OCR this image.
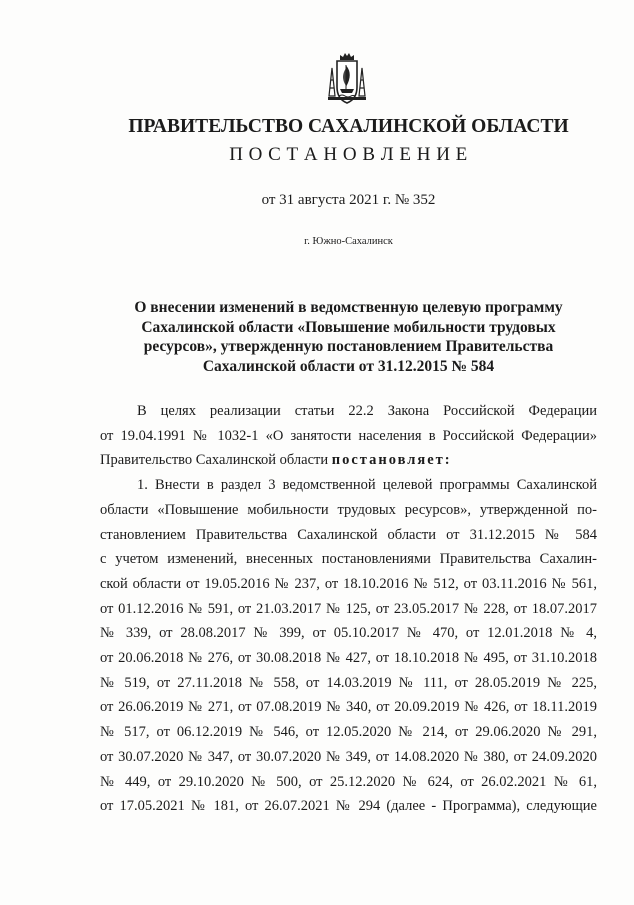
ПРАВИТЕЛЬСТВО САХАЛИНСКОЙ ОБЛАСТИ
П О С Т А Н О В Л Е Н И Е
от 31 августа 2021 г. № 352
г. Южно-Сахалинск
О внесении изменений в ведомственную целевую программу
Сахалинской области «Повышение мобильности трудовых
ресурсов», утвержденную постановлением Правительства
Сахалинской области от 31.12.2015 № 584
В целях реализации статьи 22.2 Закона Российской Федерации
от 19.04.1991 № 1032-1 «О занятости населения в Российской Федерации»
Правительство Сахалинской области постановляет:
1. Внести в раздел 3 ведомственной целевой программы Сахалинской
области «Повышение мобильности трудовых ресурсов», утвержденной по-
становлением Правительства Сахалинской области от 31.12.2015 № 584
с учетом изменений, внесенных постановлениями Правительства Сахалин-
ской области от 19.05.2016 № 237, от 18.10.2016 № 512, от 03.11.2016 № 561,
от 01.12.2016 № 591, от 21.03.2017 № 125, от 23.05.2017 № 228, от 18.07.2017
№ 339, от 28.08.2017 № 399, от 05.10.2017 № 470, от 12.01.2018 № 4,
от 20.06.2018 № 276, от 30.08.2018 № 427, от 18.10.2018 № 495, от 31.10.2018
№ 519, от 27.11.2018 № 558, от 14.03.2019 № 111, от 28.05.2019 № 225,
от 26.06.2019 № 271, от 07.08.2019 № 340, от 20.09.2019 № 426, от 18.11.2019
№ 517, от 06.12.2019 № 546, от 12.05.2020 № 214, от 29.06.2020 № 291,
от 30.07.2020 № 347, от 30.07.2020 № 349, от 14.08.2020 № 380, от 24.09.2020
№ 449, от 29.10.2020 № 500, от 25.12.2020 № 624, от 26.02.2021 № 61,
от 17.05.2021 № 181, от 26.07.2021 № 294 (далее - Программа), следующие
